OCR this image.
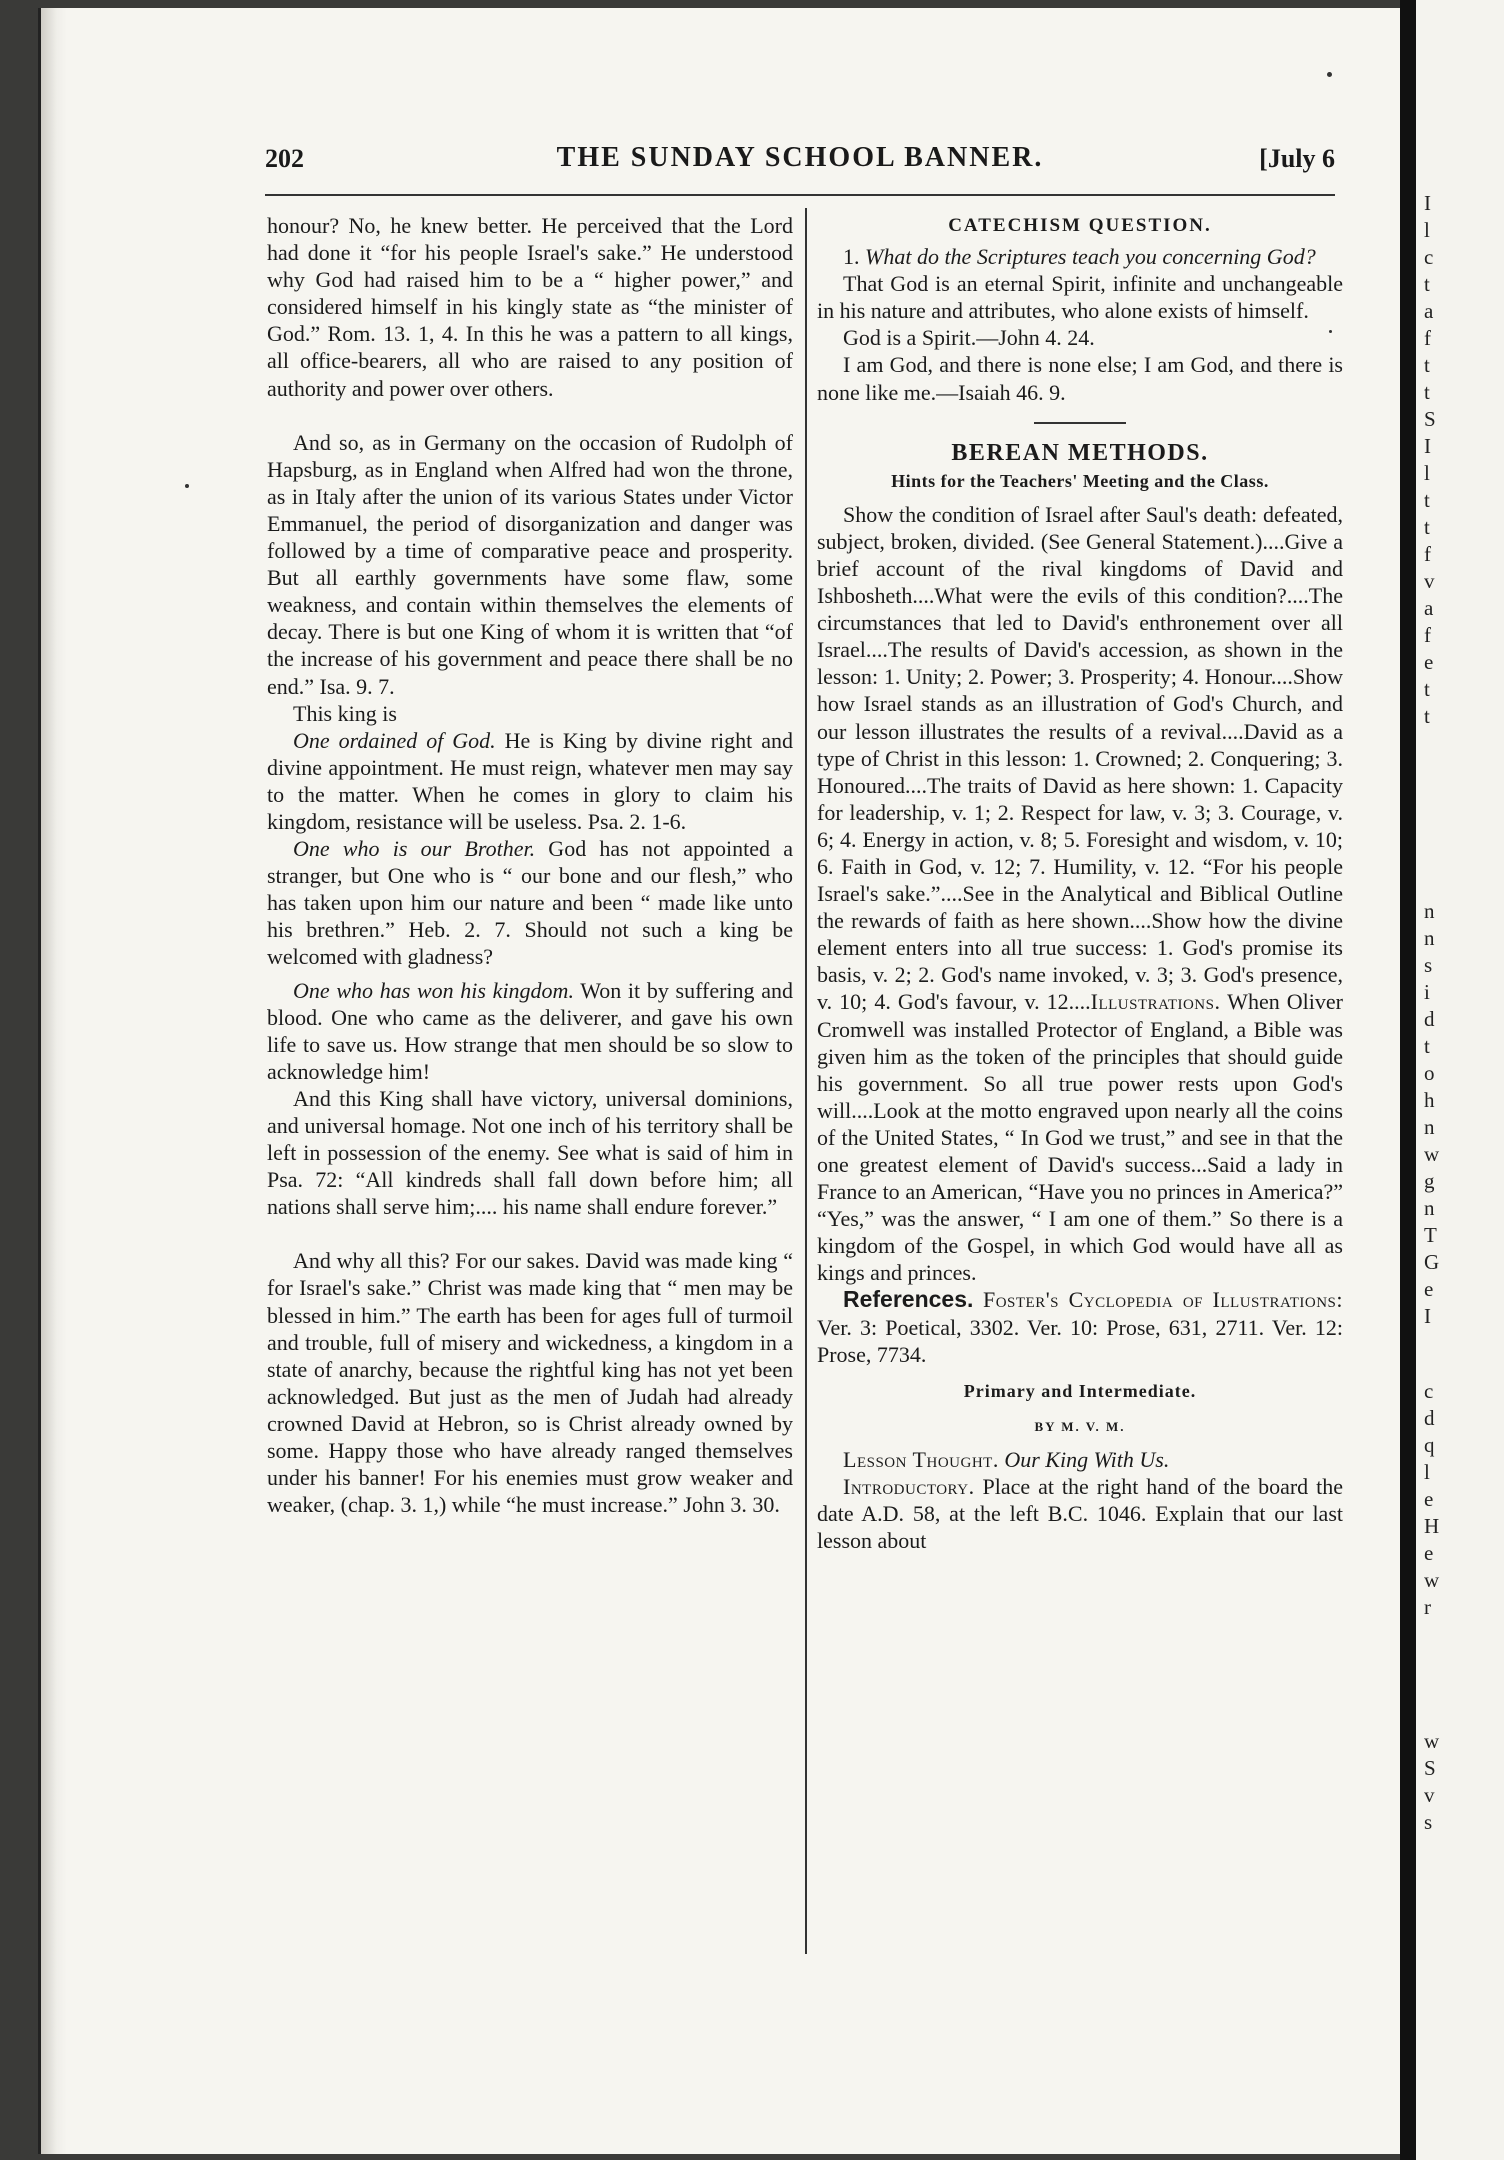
202	THE SUNDAY SCHOOL BANNER.	[July 6

honour? No, he knew better. He perceived that the Lord had done it “for his people Israel's sake.” He understood why God had raised him to be a “ higher power,” and considered himself in his kingly state as “the minister of God.” Rom. 13. 1, 4. In this he was a pattern to all kings, all office-bearers, all who are raised to any position of authority and power over others.

And so, as in Germany on the occasion of Rudolph of Hapsburg, as in England when Alfred had won the throne, as in Italy after the union of its various States under Victor Emmanuel, the period of disorganization and danger was followed by a time of comparative peace and prosperity. But all earthly governments have some flaw, some weakness, and contain within themselves the elements of decay. There is but one King of whom it is written that “of the increase of his government and peace there shall be no end.” Isa. 9. 7.

This king is

One ordained of God. He is King by divine right and divine appointment. He must reign, whatever men may say to the matter. When he comes in glory to claim his kingdom, resistance will be useless. Psa. 2. 1-6.

One who is our Brother. God has not appointed a stranger, but One who is “ our bone and our flesh,” who has taken upon him our nature and been “ made like unto his brethren.” Heb. 2. 7. Should not such a king be welcomed with gladness?

One who has won his kingdom. Won it by suffering and blood. One who came as the deliverer, and gave his own life to save us. How strange that men should be so slow to acknowledge him!

And this King shall have victory, universal dominions, and universal homage. Not one inch of his territory shall be left in possession of the enemy. See what is said of him in Psa. 72: “All kindreds shall fall down before him; all nations shall serve him;.... his name shall endure forever.”

And why all this? For our sakes. David was made king “ for Israel's sake.” Christ was made king that “ men may be blessed in him.” The earth has been for ages full of turmoil and trouble, full of misery and wickedness, a kingdom in a state of anarchy, because the rightful king has not yet been acknowledged. But just as the men of Judah had already crowned David at Hebron, so is Christ already owned by some. Happy those who have already ranged themselves under his banner! For his enemies must grow weaker and weaker, (chap. 3. 1,) while “he must increase.” John 3. 30.

CATECHISM QUESTION.

1. What do the Scriptures teach you concerning God?

That God is an eternal Spirit, infinite and unchangeable in his nature and attributes, who alone exists of himself.

God is a Spirit.—John 4. 24.

I am God, and there is none else; I am God, and there is none like me.—Isaiah 46. 9.

BEREAN METHODS.
Hints for the Teachers' Meeting and the Class.

Show the condition of Israel after Saul's death: defeated, subject, broken, divided. (See General Statement.)....Give a brief account of the rival kingdoms of David and Ishbosheth....What were the evils of this condition?....The circumstances that led to David's enthronement over all Israel....The results of David's accession, as shown in the lesson: 1. Unity; 2. Power; 3. Prosperity; 4. Honour....Show how Israel stands as an illustration of God's Church, and our lesson illustrates the results of a revival....David as a type of Christ in this lesson: 1. Crowned; 2. Conquering; 3. Honoured....The traits of David as here shown: 1. Capacity for leadership, v. 1; 2. Respect for law, v. 3; 3. Courage, v. 6; 4. Energy in action, v. 8; 5. Foresight and wisdom, v. 10; 6. Faith in God, v. 12; 7. Humility, v. 12. “For his people Israel's sake.”....See in the Analytical and Biblical Outline the rewards of faith as here shown....Show how the divine element enters into all true success: 1. God's promise its basis, v. 2; 2. God's name invoked, v. 3; 3. God's presence, v. 10; 4. God's favour, v. 12....Illustrations. When Oliver Cromwell was installed Protector of England, a Bible was given him as the token of the principles that should guide his government. So all true power rests upon God's will....Look at the motto engraved upon nearly all the coins of the United States, “ In God we trust,” and see in that the one greatest element of David's success...Said a lady in France to an American, “Have you no princes in America?” “Yes,” was the answer, “ I am one of them.” So there is a kingdom of the Gospel, in which God would have all as kings and princes.

References. Foster's Cyclopedia of Illustrations: Ver. 3: Poetical, 3302. Ver. 10: Prose, 631, 2711. Ver. 12: Prose, 7734.

Primary and Intermediate.
BY M. V. M.

Lesson Thought. Our King With Us.

Introductory. Place at the right hand of the board the date A.D. 58, at the left B.C. 1046. Explain that our last lesson about

I
l
c
t
a
f
t
t
S
I
l
t
t
f
v
a
f
e
t
t
n
n
s
i
d
t
o
h
n
w
g
n
T
G
e
I
c
d
q
l
e
H
e
w
r
w
S
v
s
